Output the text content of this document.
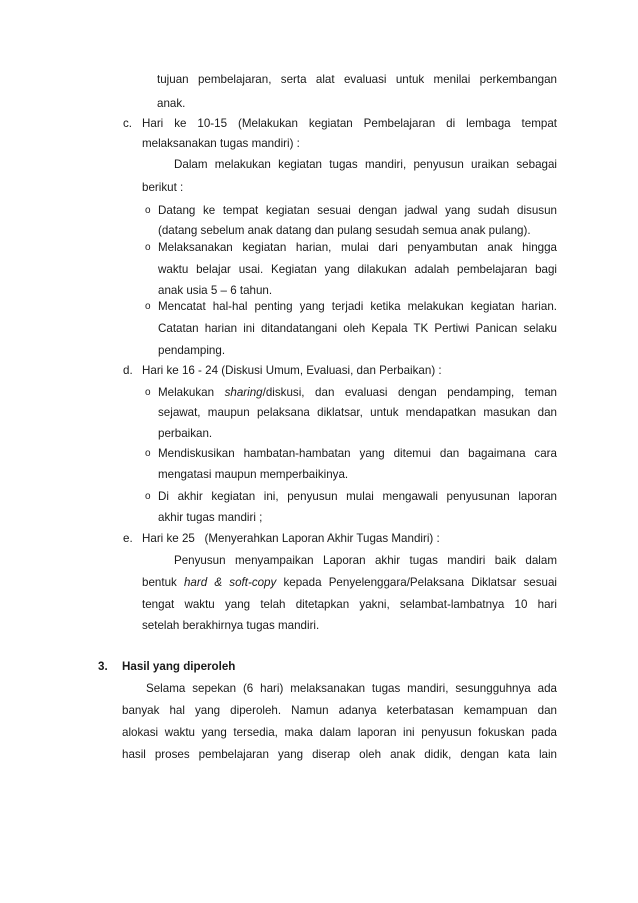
tujuan pembelajaran, serta alat evaluasi untuk menilai perkembangan
anak.
c. Hari ke 10-15 (Melakukan kegiatan Pembelajaran di lembaga tempat
melaksanakan tugas mandiri) :
Dalam melakukan kegiatan tugas mandiri, penyusun uraikan sebagai
berikut :
o Datang ke tempat kegiatan sesuai dengan jadwal yang sudah disusun
(datang sebelum anak datang dan pulang sesudah semua anak pulang).
o Melaksanakan kegiatan harian, mulai dari penyambutan anak hingga
waktu belajar usai. Kegiatan yang dilakukan adalah pembelajaran bagi
anak usia 5 – 6 tahun.
o Mencatat hal-hal penting yang terjadi ketika melakukan kegiatan harian.
Catatan harian ini ditandatangani oleh Kepala TK Pertiwi Panican selaku
pendamping.
d. Hari ke 16 - 24 (Diskusi Umum, Evaluasi, dan Perbaikan) :
o Melakukan sharing/diskusi, dan evaluasi dengan pendamping, teman
sejawat, maupun pelaksana diklatsar, untuk mendapatkan masukan dan
perbaikan.
o Mendiskusikan hambatan-hambatan yang ditemui dan bagaimana cara
mengatasi maupun memperbaikinya.
o Di akhir kegiatan ini, penyusun mulai mengawali penyusunan laporan
akhir tugas mandiri ;
e. Hari ke 25   (Menyerahkan Laporan Akhir Tugas Mandiri) :
Penyusun menyampaikan Laporan akhir tugas mandiri baik dalam
bentuk hard & soft-copy kepada Penyelenggara/Pelaksana Diklatsar sesuai
tengat waktu yang telah ditetapkan yakni, selambat-lambatnya 10 hari
setelah berakhirnya tugas mandiri.
3. Hasil yang diperoleh
Selama sepekan (6 hari) melaksanakan tugas mandiri, sesungguhnya ada
banyak hal yang diperoleh. Namun adanya keterbatasan kemampuan dan
alokasi waktu yang tersedia, maka dalam laporan ini penyusun fokuskan pada
hasil proses pembelajaran yang diserap oleh anak didik, dengan kata lain
